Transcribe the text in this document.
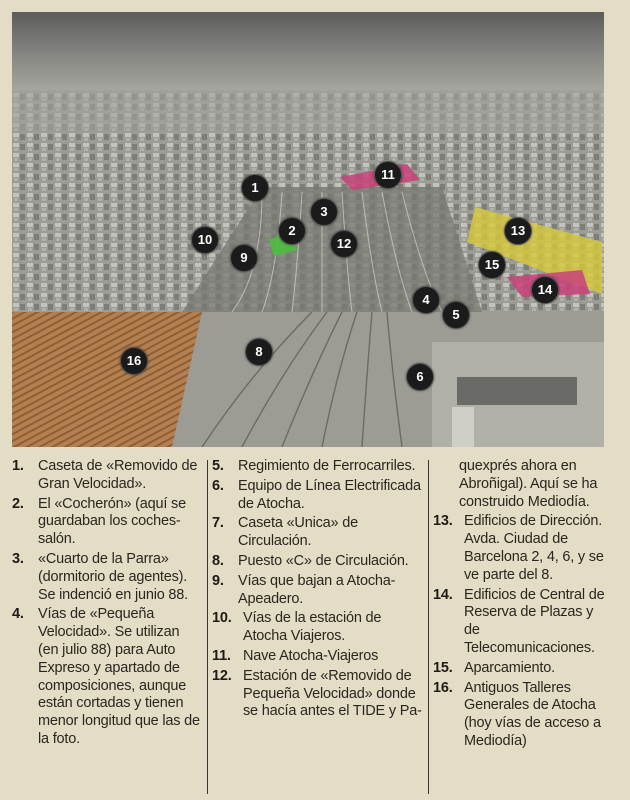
1
2
3
4
5
6
8
9
10
11
12
13
14
15
16
1. Caseta de «Removido de Gran Velocidad».
2. El «Cocherón» (aquí se guardaban los coches-salón.
3. «Cuarto de la Parra» (dormitorio de agentes). Se indenció en junio 88.
4. Vías de «Pequeña Velocidad». Se utilizan (en julio 88) para Auto Expreso y apartado de composiciones, aunque están cortadas y tienen menor longitud que las de la foto.
5. Regimiento de Ferrocarriles.
6. Equipo de Línea Electrificada de Atocha.
7. Caseta «Unica» de Circulación.
8. Puesto «C» de Circulación.
9. Vías que bajan a Atocha-Apeadero.
10. Vías de la estación de Atocha Viajeros.
11. Nave Atocha-Viajeros
12. Estación de «Removido de Pequeña Velocidad» donde se hacía antes el TIDE y Pa-
quexprés ahora en Abroñigal). Aquí se ha construido Mediodía.
13. Edificios de Dirección. Avda. Ciudad de Barcelona 2, 4, 6, y se ve parte del 8.
14. Edificios de Central de Reserva de Plazas y de Telecomunicaciones.
15. Aparcamiento.
16. Antiguos Talleres Generales de Atocha (hoy vías de acceso a Mediodía)
